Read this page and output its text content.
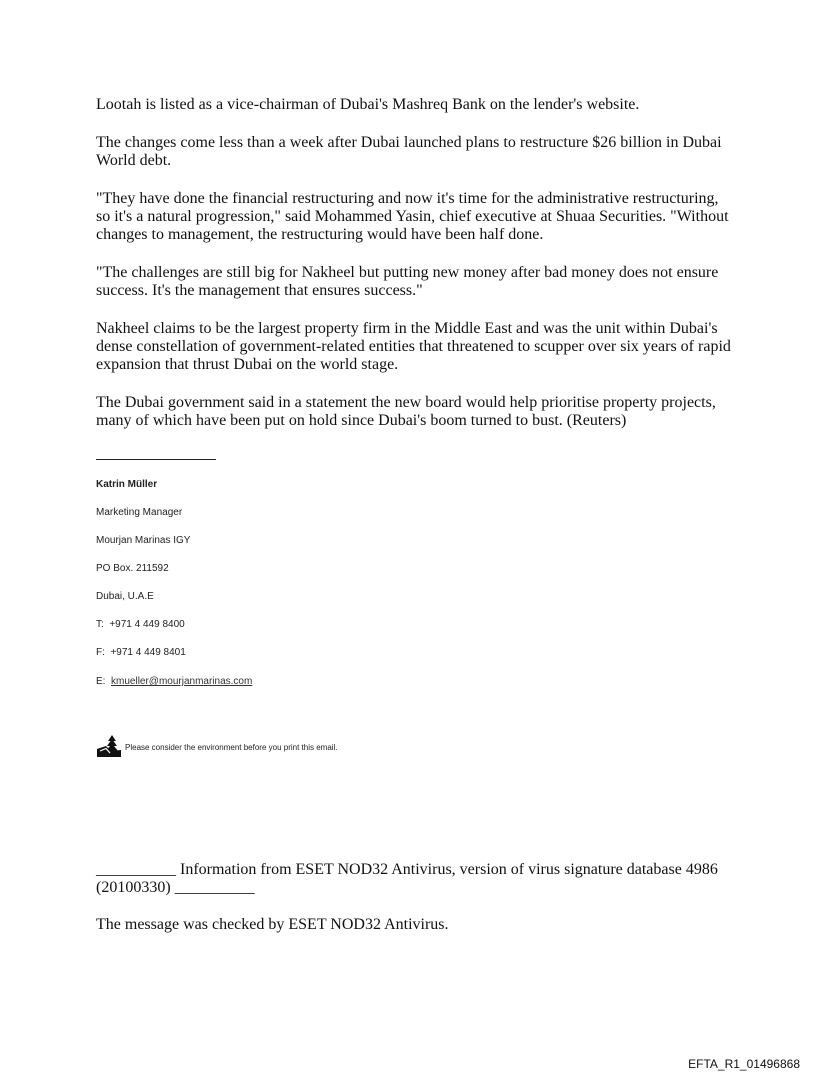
Lootah is listed as a vice-chairman of Dubai's Mashreq Bank on the lender's website.

The changes come less than a week after Dubai launched plans to restructure $26 billion in Dubai World debt.

"They have done the financial restructuring and now it's time for the administrative restructuring, so it's a natural progression," said Mohammed Yasin, chief executive at Shuaa Securities. "Without changes to management, the restructuring would have been half done.

"The challenges are still big for Nakheel but putting new money after bad money does not ensure success. It's the management that ensures success."

Nakheel claims to be the largest property firm in the Middle East and was the unit within Dubai's dense constellation of government-related entities that threatened to scupper over six years of rapid expansion that thrust Dubai on the world stage.

The Dubai government said in a statement the new board would help prioritise property projects, many of which have been put on hold since Dubai's boom turned to bust. (Reuters)

Katrin Müller

Marketing Manager

Mourjan Marinas IGY

PO Box. 211592

Dubai, U.A.E

T: +971 4 449 8400

F: +971 4 449 8401

E: kmueller@mourjanmarinas.com

Please consider the environment before you print this email.

__________ Information from ESET NOD32 Antivirus, version of virus signature database 4986 (20100330) __________

The message was checked by ESET NOD32 Antivirus.

EFTA_R1_01496868
